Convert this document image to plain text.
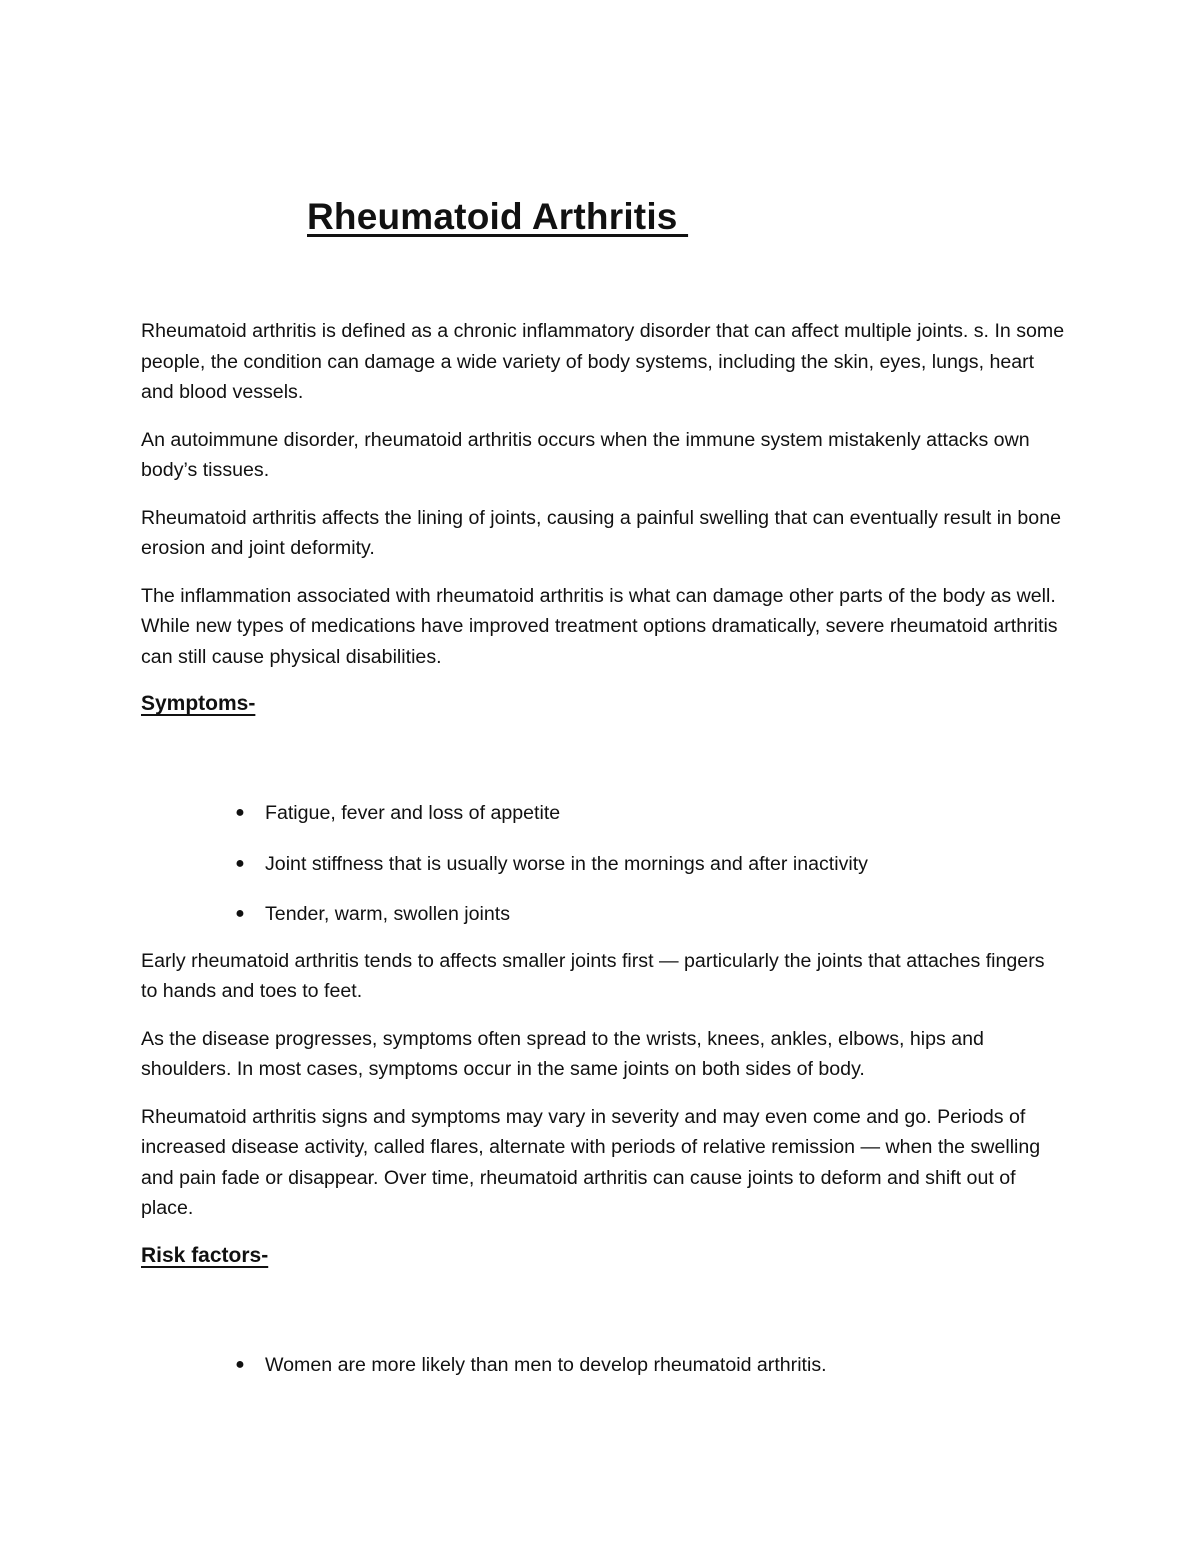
Rheumatoid Arthritis

Rheumatoid arthritis is defined as a chronic inflammatory disorder that can affect multiple joints. s. In some people, the condition can damage a wide variety of body systems, including the skin, eyes, lungs, heart and blood vessels.

An autoimmune disorder, rheumatoid arthritis occurs when the immune system mistakenly attacks own body’s tissues.

Rheumatoid arthritis affects the lining of joints, causing a painful swelling that can eventually result in bone erosion and joint deformity.

The inflammation associated with rheumatoid arthritis is what can damage other parts of the body as well. While new types of medications have improved treatment options dramatically, severe rheumatoid arthritis can still cause physical disabilities.

Symptoms-
● Fatigue, fever and loss of appetite
● Joint stiffness that is usually worse in the mornings and after inactivity
● Tender, warm, swollen joints

Early rheumatoid arthritis tends to affects smaller joints first — particularly the joints that attaches fingers to hands and toes to feet.

As the disease progresses, symptoms often spread to the wrists, knees, ankles, elbows, hips and shoulders. In most cases, symptoms occur in the same joints on both sides of body.

Rheumatoid arthritis signs and symptoms may vary in severity and may even come and go. Periods of increased disease activity, called flares, alternate with periods of relative remission — when the swelling and pain fade or disappear. Over time, rheumatoid arthritis can cause joints to deform and shift out of place.

Risk factors-
● Women are more likely than men to develop rheumatoid arthritis.
